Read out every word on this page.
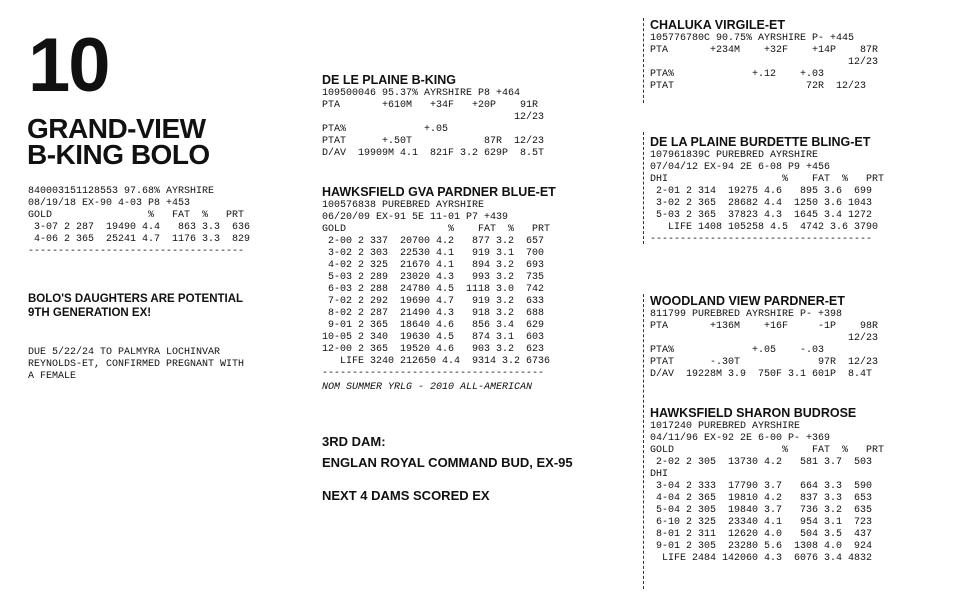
10
GRAND-VIEW
B-KING BOLO
840003151128553 97.68% AYRSHIRE
08/19/18 EX-90 4-03 P8 +453
GOLD                %   FAT  %   PRT
3-07 2 287  19490 4.4   863 3.3  636
4-06 2 365  25241 4.7  1176 3.3  829
------------------------------------
BOLO'S DAUGHTERS ARE POTENTIAL
9TH GENERATION EX!
DUE 5/22/24 TO PALMYRA LOCHINVAR
REYNOLDS-ET, CONFIRMED PREGNANT WITH
A FEMALE
DE LE PLAINE B-KING
109500046 95.37% AYRSHIRE P8 +464
PTA       +610M   +34F   +20P    91R
12/23
PTA%             +.05
PTAT      +.50T            87R  12/23
D/AV  19909M 4.1  821F 3.2 629P  8.5T
HAWKSFIELD GVA PARDNER BLUE-ET
100576838 PUREBRED AYRSHIRE
06/20/09 EX-91 5E 11-01 P7 +439
GOLD                 %    FAT  %   PRT
2-00 2 337  20700 4.2   877 3.2  657
3-02 2 303  22530 4.1   919 3.1  700
4-02 2 325  21670 4.1   894 3.2  693
5-03 2 289  23020 4.3   993 3.2  735
6-03 2 288  24780 4.5  1118 3.0  742
7-02 2 292  19690 4.7   919 3.2  633
8-02 2 287  21490 4.3   918 3.2  688
9-01 2 365  18640 4.6   856 3.4  629
10-05 2 340  19630 4.5   874 3.1  603
12-00 2 365  19520 4.6   903 3.2  623
LIFE 3240 212650 4.4  9314 3.2 6736
-------------------------------------
NOM SUMMER YRLG - 2010 ALL-AMERICAN
3RD DAM:
ENGLAN ROYAL COMMAND BUD, EX-95
NEXT 4 DAMS SCORED EX
CHALUKA VIRGILE-ET
105776780C 90.75% AYRSHIRE P- +445
PTA       +234M    +32F    +14P    87R
12/23
PTA%             +.12    +.03
PTAT                      72R  12/23
DE LA PLAINE BURDETTE BLING-ET
107961839C PUREBRED AYRSHIRE
07/04/12 EX-94 2E 6-08 P9 +456
DHI                   %    FAT  %   PRT
2-01 2 314  19275 4.6   895 3.6  699
3-02 2 365  28682 4.4  1250 3.6 1043
5-03 2 365  37823 4.3  1645 3.4 1272
LIFE 1408 105258 4.5  4742 3.6 3790
-------------------------------------
WOODLAND VIEW PARDNER-ET
811799 PUREBRED AYRSHIRE P- +398
PTA       +136M    +16F     -1P    98R
12/23
PTA%             +.05    -.03
PTAT      -.30T             97R  12/23
D/AV  19228M 3.9  750F 3.1 601P  8.4T
HAWKSFIELD SHARON BUDROSE
1017240 PUREBRED AYRSHIRE
04/11/96 EX-92 2E 6-00 P- +369
GOLD                  %    FAT  %   PRT
2-02 2 305  13730 4.2   581 3.7  503
DHI
3-04 2 333  17790 3.7   664 3.3  590
4-04 2 365  19810 4.2   837 3.3  653
5-04 2 305  19840 3.7   736 3.2  635
6-10 2 325  23340 4.1   954 3.1  723
8-01 2 311  12620 4.0   504 3.5  437
9-01 2 305  23280 5.6  1308 4.0  924
LIFE 2484 142060 4.3  6076 3.4 4832
